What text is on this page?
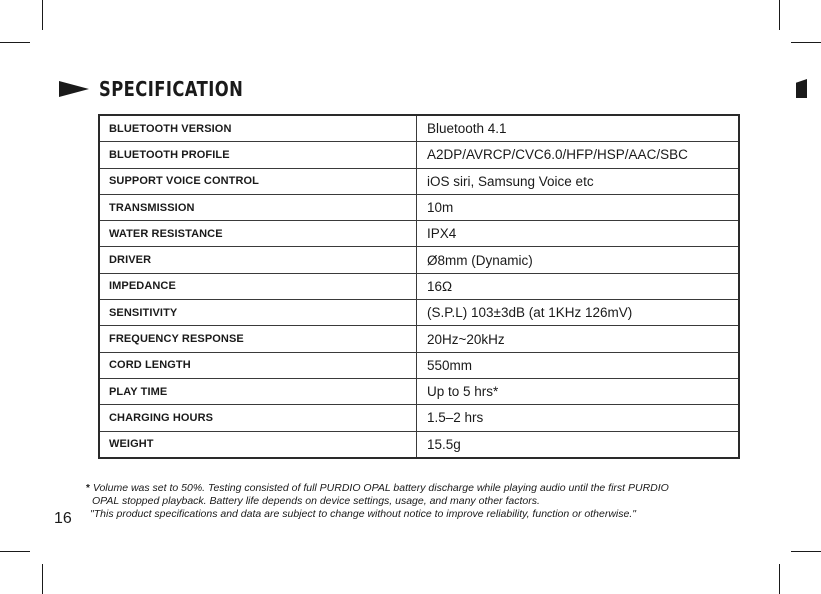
SPECIFICATION
BLUETOOTH VERSION	Bluetooth 4.1
BLUETOOTH PROFILE	A2DP/AVRCP/CVC6.0/HFP/HSP/AAC/SBC
SUPPORT VOICE CONTROL	iOS siri, Samsung Voice etc
TRANSMISSION	10m
WATER RESISTANCE	IPX4
DRIVER	Ø8mm (Dynamic)
IMPEDANCE	16Ω
SENSITIVITY	(S.P.L) 103±3dB (at 1KHz 126mV)
FREQUENCY RESPONSE	20Hz~20kHz
CORD LENGTH	550mm
PLAY TIME	Up to 5 hrs*
CHARGING HOURS	1.5–2 hrs
WEIGHT	15.5g
* Volume was set to 50%. Testing consisted of full PURDIO OPAL battery discharge while playing audio until the first PURDIO
OPAL stopped playback. Battery life depends on device settings, usage, and many other factors.
"This product specifications and data are subject to change without notice to improve reliability, function or otherwise."
16
